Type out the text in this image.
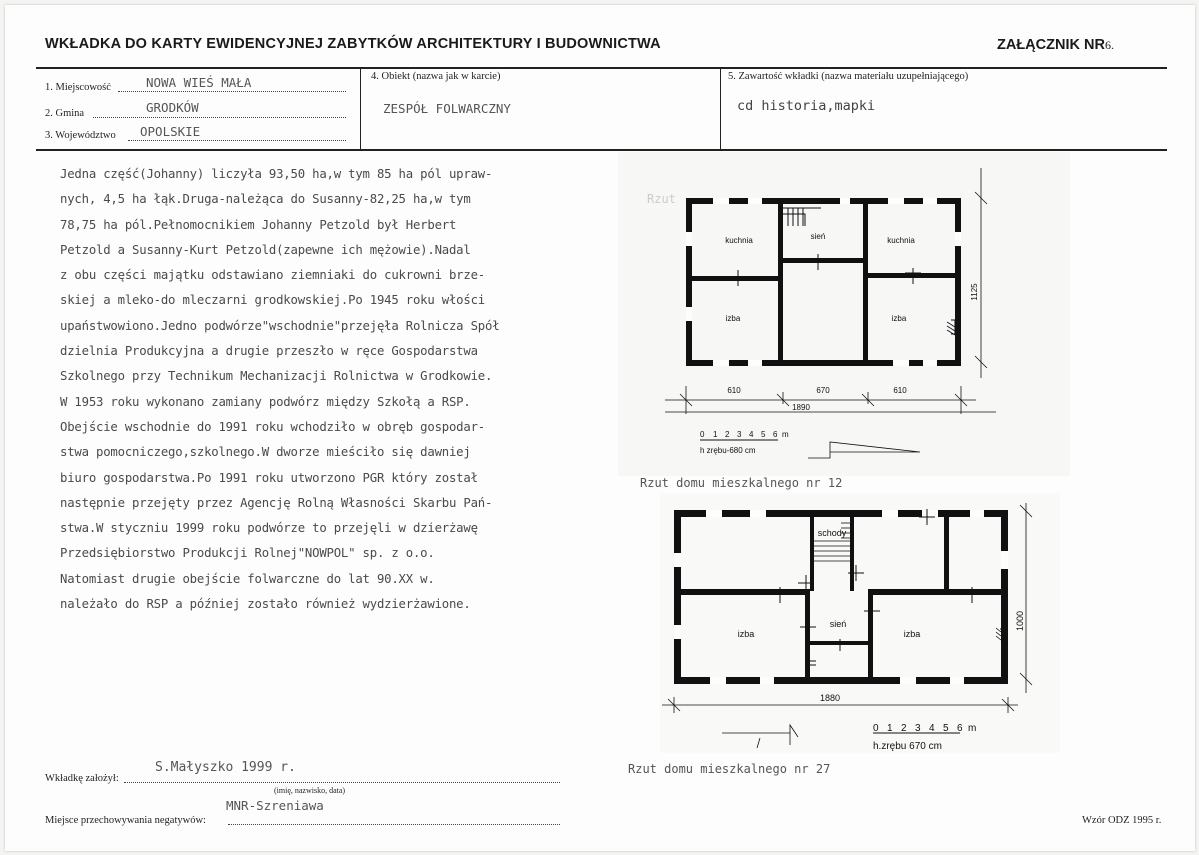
WKŁADKA DO KARTY EWIDENCYJNEJ ZABYTKÓW ARCHITEKTURY I BUDOWNICTWA	ZAŁĄCZNIK NR6.
1. Miejscowość	NOWA WIEŚ MAŁA
2. Gmina	GRODKÓW
3. Województwo OPOLSKIE
4. Obiekt (nazwa jak w karcie)
ZESPÓŁ FOLWARCZNY
5. Zawartość wkładki (nazwa materiału uzupełniającego)
cd historia,mapki
Jedna część(Johanny) liczyła 93,50 ha,w tym 85 ha pól upraw-
nych, 4,5 ha łąk.Druga-należąca do Susanny-82,25 ha,w tym
78,75 ha pól.Pełnomocnikiem Johanny Petzold był Herbert
Petzold a Susanny-Kurt Petzold(zapewne ich mężowie).Nadal
z obu części majątku odstawiano ziemniaki do cukrowni brze-
skiej a mleko-do mleczarni grodkowskiej.Po 1945 roku włości
upaństwowiono.Jedno podwórze"wschodnie"przejęła Rolnicza Spół
dzielnia Produkcyjna a drugie przeszło w ręce Gospodarstwa
Szkolnego przy Technikum Mechanizacji Rolnictwa w Grodkowie.
W 1953 roku wykonano zamiany podwórz między Szkołą a RSP.
Obejście wschodnie do 1991 roku wchodziło w obręb gospodar-
stwa pomocniczego,szkolnego.W dworze mieściło się dawniej
biuro gospodarstwa.Po 1991 roku utworzono PGR który został
następnie przejęty przez Agencję Rolną Własności Skarbu Pań-
stwa.W styczniu 1999 roku podwórze to przejęli w dzierżawę
Przedsiębiorstwo Produkcji Rolnej"NOWPOL" sp. z o.o.
Natomiast drugie obejście folwarczne do lat 90.XX w.
należało do RSP a później zostało również wydzierżawione.
Rzut
kuchnia	sień	kuchnia
izba	izba
610	670	610
1890
1125
0 1 2 3 4 5 6 m
h zrębu-680 cm
Rzut domu mieszkalnego nr 12
schody
sień
izba	izba
1880
1000
0 1 2 3 4 5 6 m
h.zrębu 670 cm
Rzut domu mieszkalnego nr 27
Wkładkę założył:
S.Małyszko 1999 r.
(imię, nazwisko, data)
Miejsce przechowywania negatywów:
MNR-Szreniawa
Wzór ODZ 1995 r.
